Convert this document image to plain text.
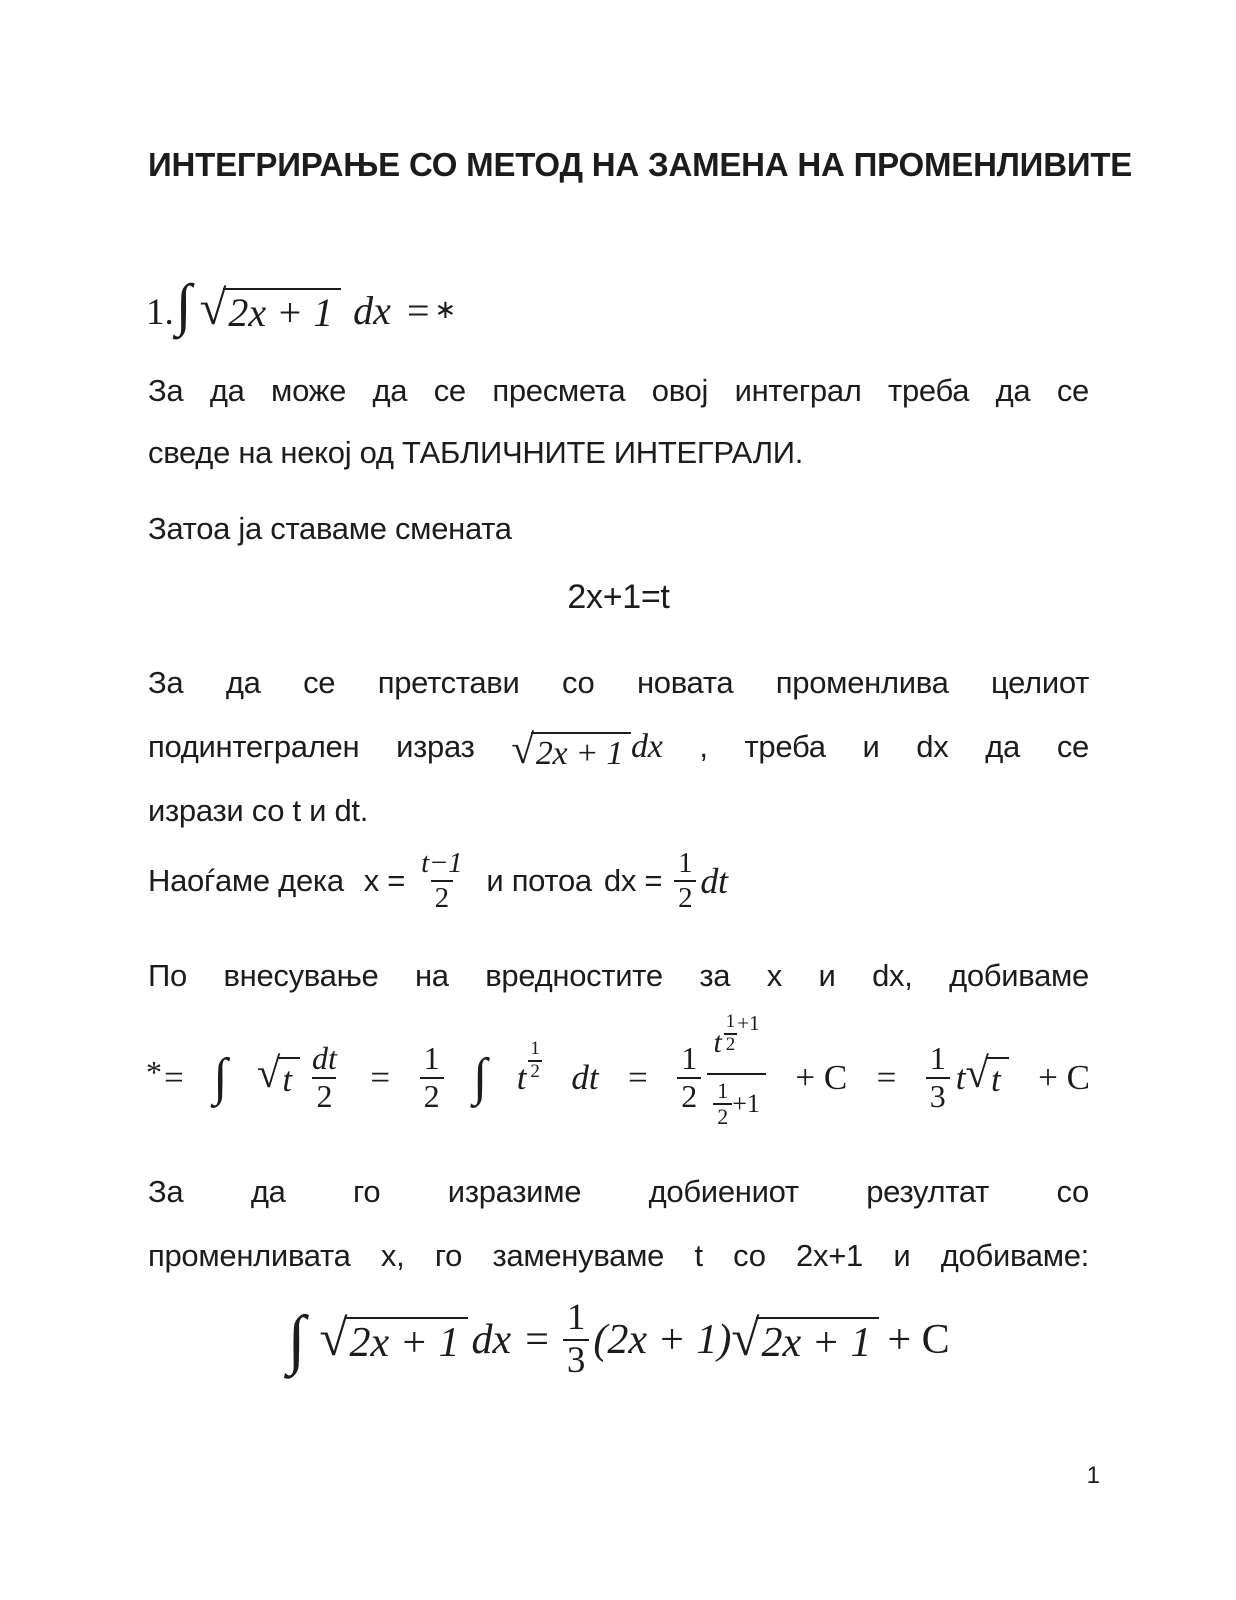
ИНТЕГРИРАЊЕ СО МЕТОД НА ЗАМЕНА НА ПРОМЕНЛИВИТЕ
1. ∫ √ 2x + 1 dx = ∗
За да може да се пресмета овој интеграл треба да се
сведе на некој од ТАБЛИЧНИТЕ ИНТЕГРАЛИ.
Затоа ја ставаме смената
2x+1=t
За да се претстави со новата променлива целиот
подинтегрален израз √ 2x + 1 dx , треба и dx да се
изрази со t и dt.
Наоѓаме дека $x = \frac{t-1}{2}$ и потоа dx = $\frac{1}{2}$ dt
По внесување на вредностите за x и dx, добиваме
* = ∫ √ t $\frac{dt}{2} = \frac{1}{2}$ ∫ t $\frac{1}{2}$ dt = $\frac{1}{2} \frac{t \frac{1}{2} +1}{\frac{1}{2} +1} + C = \frac{1}{3}$ t √ t + C
За да го изразиме добиениот резултат со
променливата x, го заменуваме t со 2x+1 и добиваме:
∫ √ 2x + 1 dx = $\frac{1}{3} (2x + 1)$ √ 2x + 1 + C
1
